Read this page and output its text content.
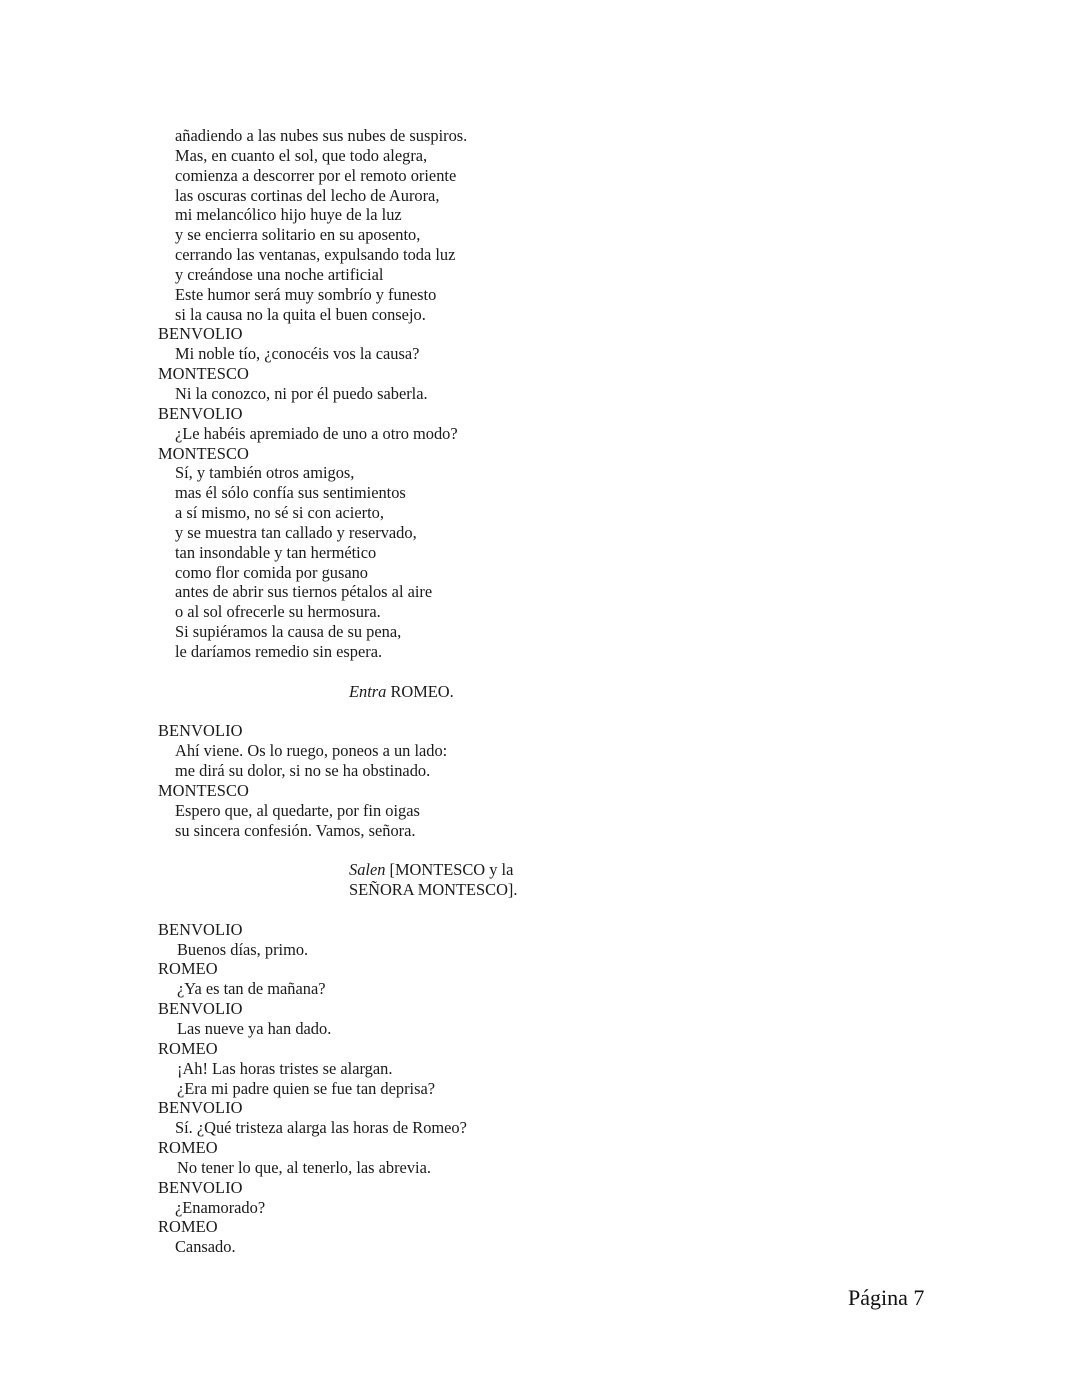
añadiendo a las nubes sus nubes de suspiros.
Mas, en cuanto el sol, que todo alegra,
comienza a descorrer por el remoto oriente
las oscuras cortinas del lecho de Aurora,
mi melancólico hijo huye de la luz
y se encierra solitario en su aposento,
cerrando las ventanas, expulsando toda luz
y creándose una noche artificial
Este humor será muy sombrío y funesto
si la causa no la quita el buen consejo.
BENVOLIO
Mi noble tío, ¿conocéis vos la causa?
MONTESCO
Ni la conozco, ni por él puedo saberla.
BENVOLIO
¿Le habéis apremiado de uno a otro modo?
MONTESCO
Sí, y también otros amigos,
mas él sólo confía sus sentimientos
a sí mismo, no sé si con acierto,
y se muestra tan callado y reservado,
tan insondable y tan hermético
como flor comida por gusano
antes de abrir sus tiernos pétalos al aire
o al sol ofrecerle su hermosura.
Si supiéramos la causa de su pena,
le daríamos remedio sin espera.
Entra ROMEO.
BENVOLIO
Ahí viene. Os lo ruego, poneos a un lado:
me dirá su dolor, si no se ha obstinado.
MONTESCO
Espero que, al quedarte, por fin oigas
su sincera confesión. Vamos, señora.
Salen [MONTESCO y la
SEÑORA MONTESCO].
BENVOLIO
Buenos días, primo.
ROMEO
¿Ya es tan de mañana?
BENVOLIO
Las nueve ya han dado.
ROMEO
¡Ah! Las horas tristes se alargan.
¿Era mi padre quien se fue tan deprisa?
BENVOLIO
Sí. ¿Qué tristeza alarga las horas de Romeo?
ROMEO
No tener lo que, al tenerlo, las abrevia.
BENVOLIO
¿Enamorado?
ROMEO
Cansado.
Página 7
